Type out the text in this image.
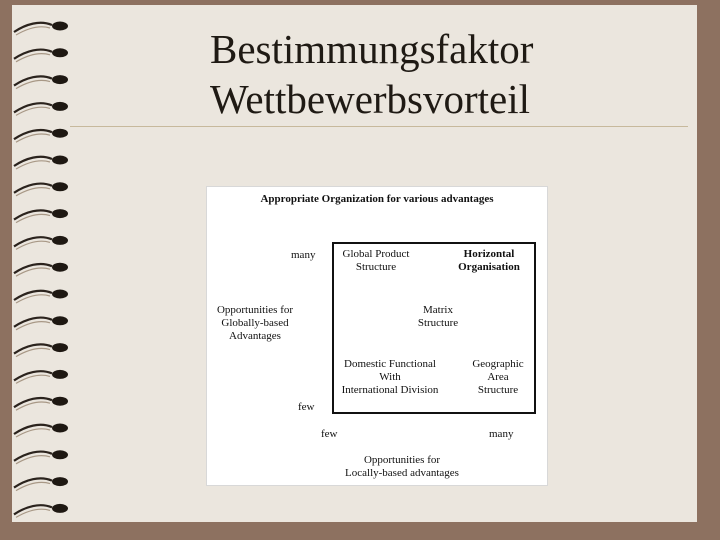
Bestimmungsfaktor
Wettbewerbsvorteil
Appropriate Organization for various advantages
many
Opportunities for
Globally-based
Advantages
few
Global Product
Structure
Horizontal
Organisation
Matrix
Structure
Domestic Functional
With
International Division
Geographic
Area
Structure
few	many
Opportunities for
Locally-based advantages
